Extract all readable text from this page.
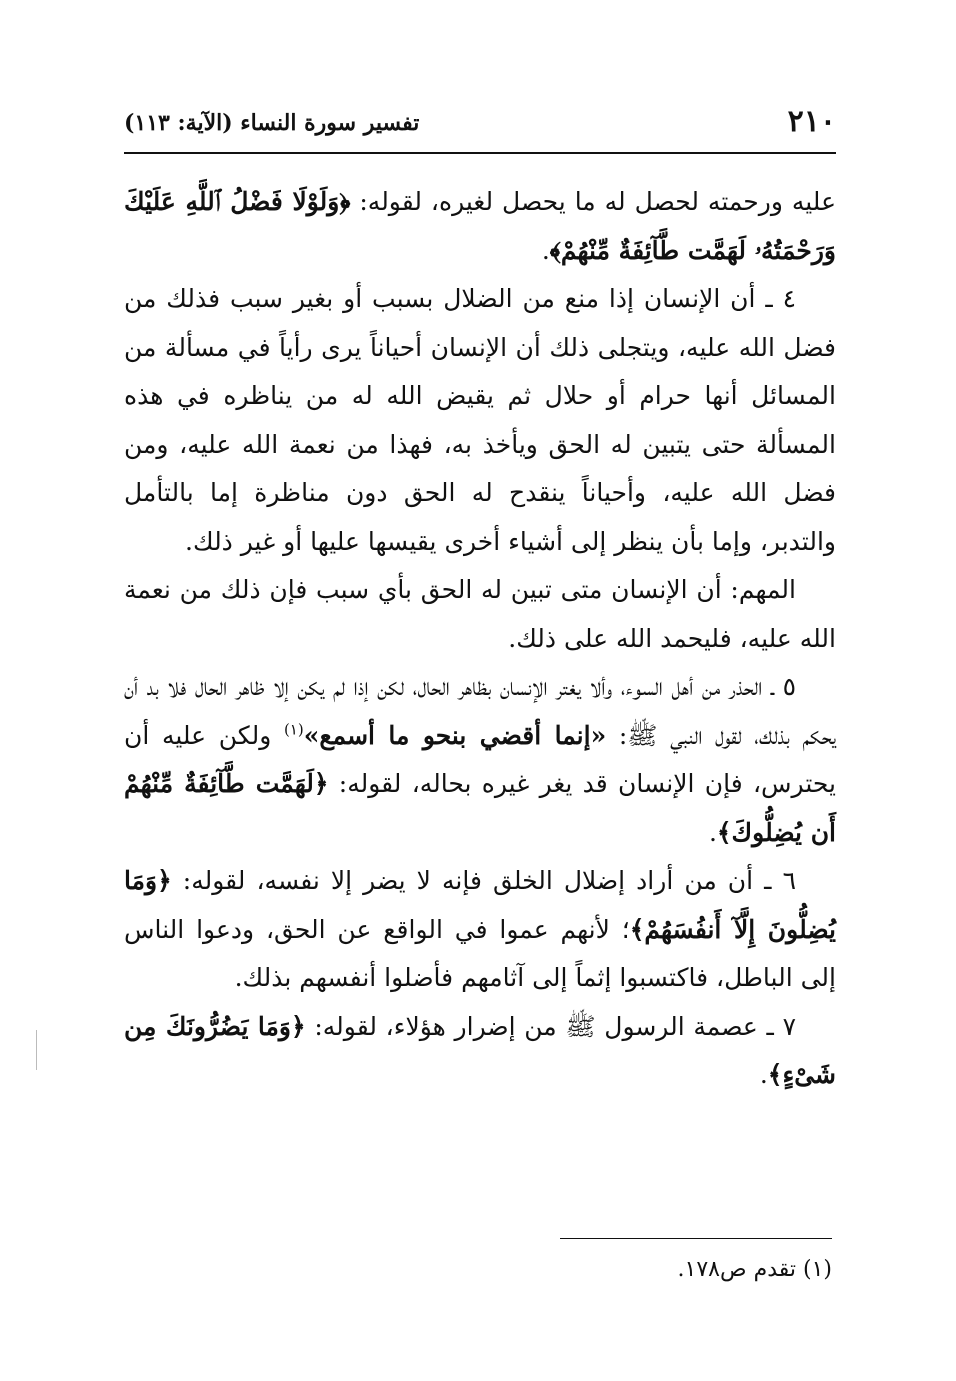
٢١٠
تفسير سورة النساء (الآية: ١١٣)

عليه ورحمته لحصل له ما يحصل لغيره، لقوله: ﴿وَلَوْلَا فَضْلُ ٱللَّهِ عَلَيْكَ وَرَحْمَتُهُۥ لَهَمَّت طَّآئِفَةٌ مِّنْهُمْ﴾.

٤ ـ أن الإنسان إذا منع من الضلال بسبب أو بغير سبب فذلك من فضل الله عليه، ويتجلى ذلك أن الإنسان أحياناً يرى رأياً في مسألة من المسائل أنها حرام أو حلال ثم يقيض الله له من يناظره في هذه المسألة حتى يتبين له الحق ويأخذ به، فهذا من نعمة الله عليه، ومن فضل الله عليه، وأحياناً ينقدح له الحق دون مناظرة إما بالتأمل والتدبر، وإما بأن ينظر إلى أشياء أخرى يقيسها عليها أو غير ذلك.

المهم: أن الإنسان متى تبين له الحق بأي سبب فإن ذلك من نعمة الله عليه، فليحمد الله على ذلك.

٥ ـ الحذر من أهل السوء، وألا يغتر الإنسان بظاهر الحال، لكن إذا لم يكن إلا ظاهر الحال فلا بد أن يحكم بذلك، لقول النبي ﷺ: «إنما أقضي بنحو ما أسمع»$^{(١)}$ ولكن عليه أن يحترس، فإن الإنسان قد يغر غيره بحاله، لقوله: ﴿لَهَمَّت طَّآئِفَةٌ مِّنْهُمْ أَن يُضِلُّوكَ﴾.

٦ ـ أن من أراد إضلال الخلق فإنه لا يضر إلا نفسه، لقوله: ﴿وَمَا يُضِلُّونَ إِلَّآ أَنفُسَهُمْ﴾؛ لأنهم عموا في الواقع عن الحق، ودعوا الناس إلى الباطل، فاكتسبوا إثماً إلى آثامهم فأضلوا أنفسهم بذلك.

٧ ـ عصمة الرسول ﷺ من إضرار هؤلاء، لقوله: ﴿وَمَا يَضُرُّونَكَ مِن شَىْءٍ﴾.

(١) تقدم ص١٧٨.
